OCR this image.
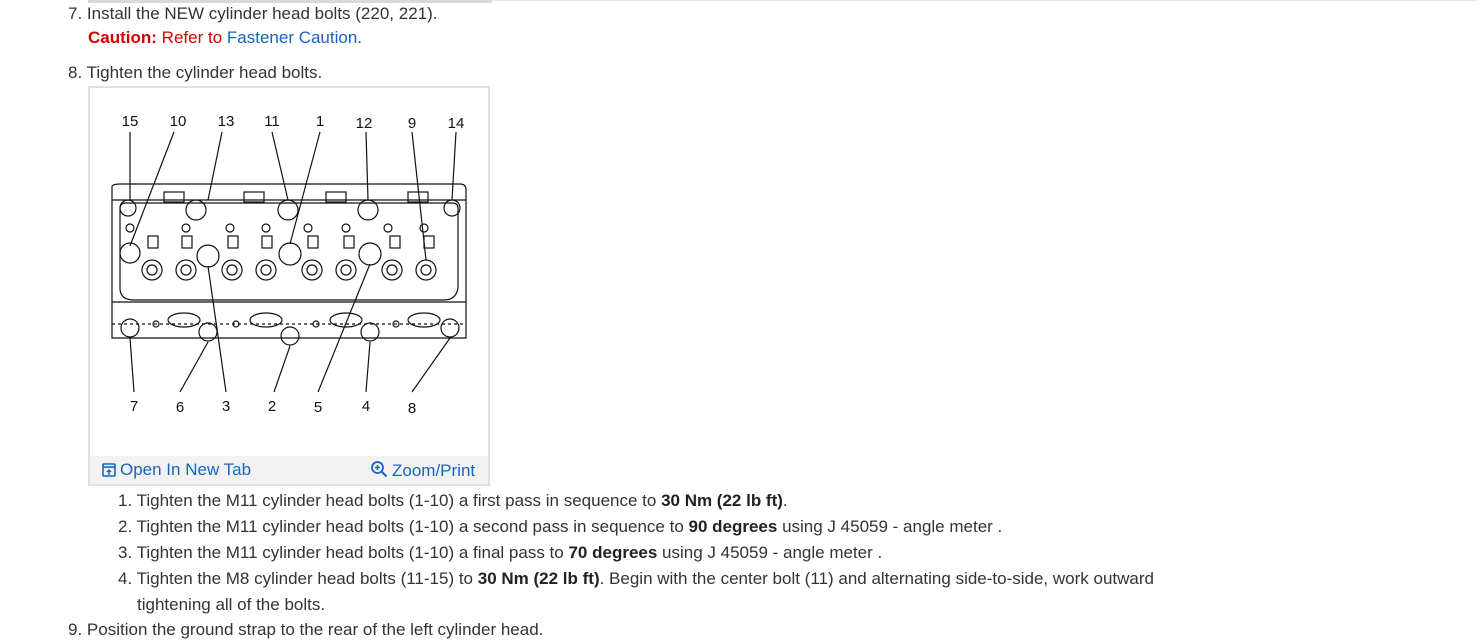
7. Install the NEW cylinder head bolts (220, 221).
Caution: Refer to Fastener Caution.
8. Tighten the cylinder head bolts.
15 10 13 11 1 12 9 14
7	6	3	2	5	4	8
Open In New Tab	Zoom/Print
1. Tighten the M11 cylinder head bolts (1-10) a first pass in sequence to 30 Nm (22 lb ft).
2. Tighten the M11 cylinder head bolts (1-10) a second pass in sequence to 90 degrees using J 45059 - angle meter .
3. Tighten the M11 cylinder head bolts (1-10) a final pass to 70 degrees using J 45059 - angle meter .
4. Tighten the M8 cylinder head bolts (11-15) to 30 Nm (22 lb ft). Begin with the center bolt (11) and alternating side-to-side, work outward
tightening all of the bolts.
9. Position the ground strap to the rear of the left cylinder head.
